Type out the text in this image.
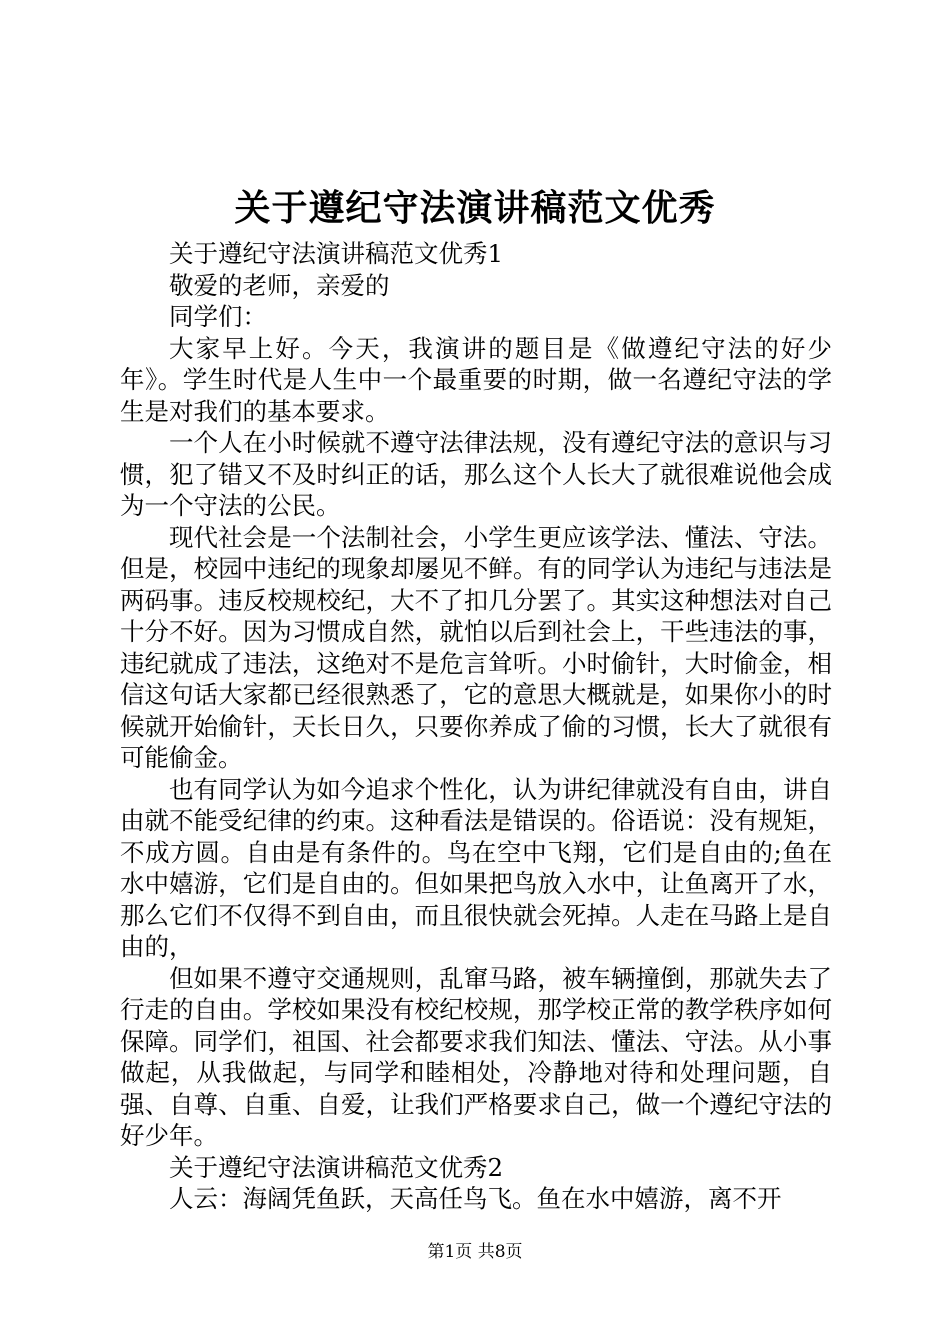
关于遵纪守法演讲稿范文优秀

关于遵纪守法演讲稿范文优秀1

敬爱的老师，亲爱的

同学们：

大家早上好。今天，我演讲的题目是《做遵纪守法的好少年》。学生时代是人生中一个最重要的时期，做一名遵纪守法的学生是对我们的基本要求。

一个人在小时候就不遵守法律法规，没有遵纪守法的意识与习惯，犯了错又不及时纠正的话，那么这个人长大了就很难说他会成为一个守法的公民。

现代社会是一个法制社会，小学生更应该学法、懂法、守法。但是，校园中违纪的现象却屡见不鲜。有的同学认为违纪与违法是两码事。违反校规校纪，大不了扣几分罢了。其实这种想法对自己十分不好。因为习惯成自然，就怕以后到社会上，干些违法的事，违纪就成了违法，这绝对不是危言耸听。小时偷针，大时偷金，相信这句话大家都已经很熟悉了，它的意思大概就是，如果你小的时候就开始偷针，天长日久，只要你养成了偷的习惯，长大了就很有可能偷金。

也有同学认为如今追求个性化，认为讲纪律就没有自由，讲自由就不能受纪律的约束。这种看法是错误的。俗语说：没有规矩，不成方圆。自由是有条件的。鸟在空中飞翔，它们是自由的;鱼在水中嬉游，它们是自由的。但如果把鸟放入水中，让鱼离开了水，那么它们不仅得不到自由，而且很快就会死掉。人走在马路上是自由的，

但如果不遵守交通规则，乱窜马路，被车辆撞倒，那就失去了行走的自由。学校如果没有校纪校规，那学校正常的教学秩序如何保障。同学们，祖国、社会都要求我们知法、懂法、守法。从小事做起，从我做起，与同学和睦相处，冷静地对待和处理问题，自强、自尊、自重、自爱，让我们严格要求自己，做一个遵纪守法的好少年。

关于遵纪守法演讲稿范文优秀2

人云：海阔凭鱼跃，天高任鸟飞。鱼在水中嬉游，离不开

第1页 共8页
